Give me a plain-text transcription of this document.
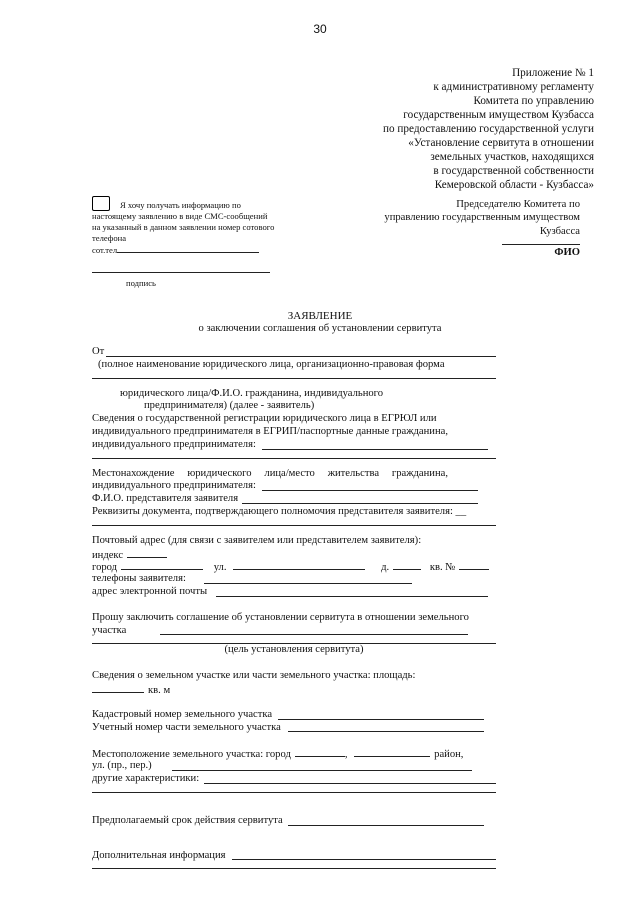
30
Приложение № 1
к административному регламенту
Комитета по управлению
государственным имуществом Кузбасса
по предоставлению государственной услуги
«Установление сервитута в отношении
земельных участков, находящихся
в государственной собственности
Кемеровской области - Кузбасса»
Я хочу получать информацию по
настоящему заявлению в виде СМС-сообщений
на указанный в данном заявлении номер сотового
телефона
сот.тел
подпись
Председателю Комитета по
управлению государственным имуществом
Кузбасса
ФИО
ЗАЯВЛЕНИЕ
о заключении соглашения об установлении сервитута
От
(полное наименование юридического лица, организационно-правовая форма
юридического лица/Ф.И.О. гражданина, индивидуального
предпринимателя) (далее - заявитель)
Сведения о государственной регистрации юридического лица в ЕГРЮЛ или
индивидуального предпринимателя в ЕГРИП/паспортные данные гражданина,
индивидуального предпринимателя:
Местонахождение юридического лица/место жительства гражданина,
индивидуального предпринимателя:
Ф.И.О. представителя заявителя
Реквизиты документа, подтверждающего полномочия представителя заявителя: __
Почтовый адрес (для связи с заявителем или представителем заявителя):
индекс
город	ул.	д.	кв. №
телефоны заявителя:
адрес электронной почты
Прошу заключить соглашение об установлении сервитута в отношении земельного
участка
(цель установления сервитута)
Сведения о земельном участке или части земельного участка: площадь:
кв. м
Кадастровый номер земельного участка
Учетный номер части земельного участка
Местоположение земельного участка: город	,	район,
ул. (пр., пер.)
другие характеристики:
Предполагаемый срок действия сервитута
Дополнительная информация
